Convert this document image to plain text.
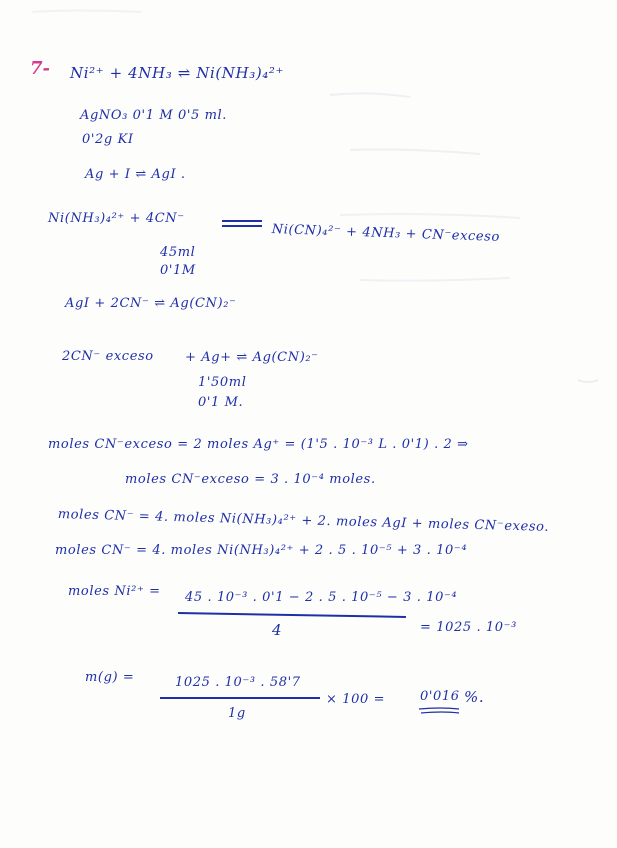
7- Ni²⁺ + 4NH₃ ⇌ Ni(NH₃)₄²⁺
AgNO₃ 0'1 M 0'5 ml.
0'2g KI
Ag + I ⇌ AgI .
Ni(NH₃)₄²⁺ + 4CN⁻
Ni(CN)₄²⁻ + 4NH₃ + CN⁻exceso
45ml
0'1M
AgI + 2CN⁻ ⇌ Ag(CN)₂⁻
2CN⁻ exceso + Ag+ ⇌ Ag(CN)₂⁻
1'50ml
0'1 M.
moles CN⁻exceso = 2 moles Ag⁺ = (1'5 . 10⁻³ L . 0'1) . 2 ⇒
moles CN⁻exceso = 3 . 10⁻⁴ moles.
moles CN⁻ = 4. moles Ni(NH₃)₄²⁺ + 2. moles AgI + moles CN⁻exeso.
moles CN⁻ = 4. moles Ni(NH₃)₄²⁺ + 2 . 5 . 10⁻⁵ + 3 . 10⁻⁴
moles Ni²⁺ = 45 . 10⁻³ . 0'1 − 2 . 5 . 10⁻⁵ − 3 . 10⁻⁴
4	= 1025 . 10⁻³
m(g) =	1025 . 10⁻³ . 58'7
1g
× 100 =	0'016 %.
